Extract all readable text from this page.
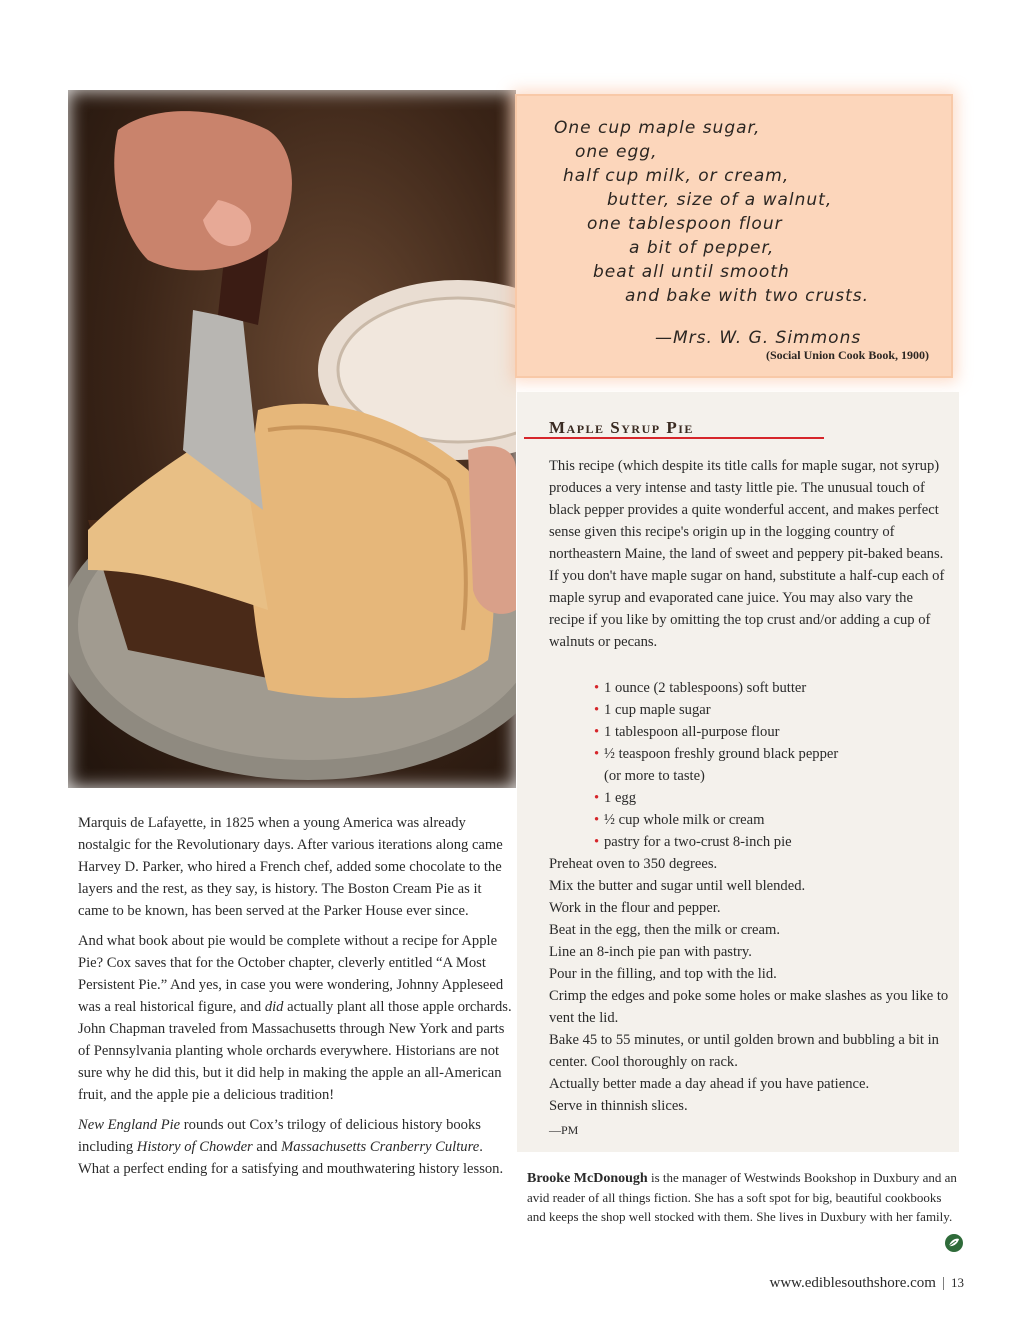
One cup maple sugar,

one egg,

half cup milk, or cream,

butter, size of a walnut,

one tablespoon flour

a bit of pepper,

beat all until smooth

and bake with two crusts.

—Mrs. W. G. Simmons

(Social Union Cook Book, 1900)
Maple Syrup Pie

This recipe (which despite its title calls for maple sugar, not syrup) produces a very intense and tasty little pie. The unusual touch of black pepper provides a quite wonderful accent, and makes perfect sense given this recipe's origin up in the logging country of northeastern Maine, the land of sweet and peppery pit-baked beans. If you don't have maple sugar on hand, substitute a half-cup each of maple syrup and evaporated cane juice. You may also vary the recipe if you like by omitting the top crust and/or adding a cup of walnuts or pecans.

• 1 ounce (2 tablespoons) soft butter
• 1 cup maple sugar
• 1 tablespoon all-purpose flour
• ½ teaspoon freshly ground black pepper
(or more to taste)
• 1 egg
• ½ cup whole milk or cream
• pastry for a two-crust 8-inch pie
Preheat oven to 350 degrees.
Mix the butter and sugar until well blended.
Work in the flour and pepper.
Beat in the egg, then the milk or cream.
Line an 8-inch pie pan with pastry.
Pour in the filling, and top with the lid.
Crimp the edges and poke some holes or make slashes as you like to vent the lid.
Bake 45 to 55 minutes, or until golden brown and bubbling a bit in center. Cool thoroughly on rack.
Actually better made a day ahead if you have patience.
Serve in thinnish slices.

—PM

Marquis de Lafayette, in 1825 when a young America was already nostalgic for the Revolutionary days. After various iterations along came Harvey D. Parker, who hired a French chef, added some chocolate to the layers and the rest, as they say, is history. The Boston Cream Pie as it came to be known, has been served at the Parker House ever since.

And what book about pie would be complete without a recipe for Apple Pie? Cox saves that for the October chapter, cleverly entitled “A Most Persistent Pie.” And yes, in case you were wondering, Johnny Appleseed was a real historical figure, and did actually plant all those apple orchards. John Chapman traveled from Massachusetts through New York and parts of Pennsylvania planting whole orchards everywhere. Historians are not sure why he did this, but it did help in making the apple an all-American fruit, and the apple pie a delicious tradition!

New England Pie rounds out Cox’s trilogy of delicious history books including History of Chowder and Massachusetts Cranberry Culture. What a perfect ending for a satisfying and mouthwatering history lesson.

Brooke McDonough is the manager of Westwinds Bookshop in Duxbury and an avid reader of all things fiction. She has a soft spot for big, beautiful cookbooks and keeps the shop well stocked with them. She lives in Duxbury with her family.

www.ediblesouthshore.com | 13
